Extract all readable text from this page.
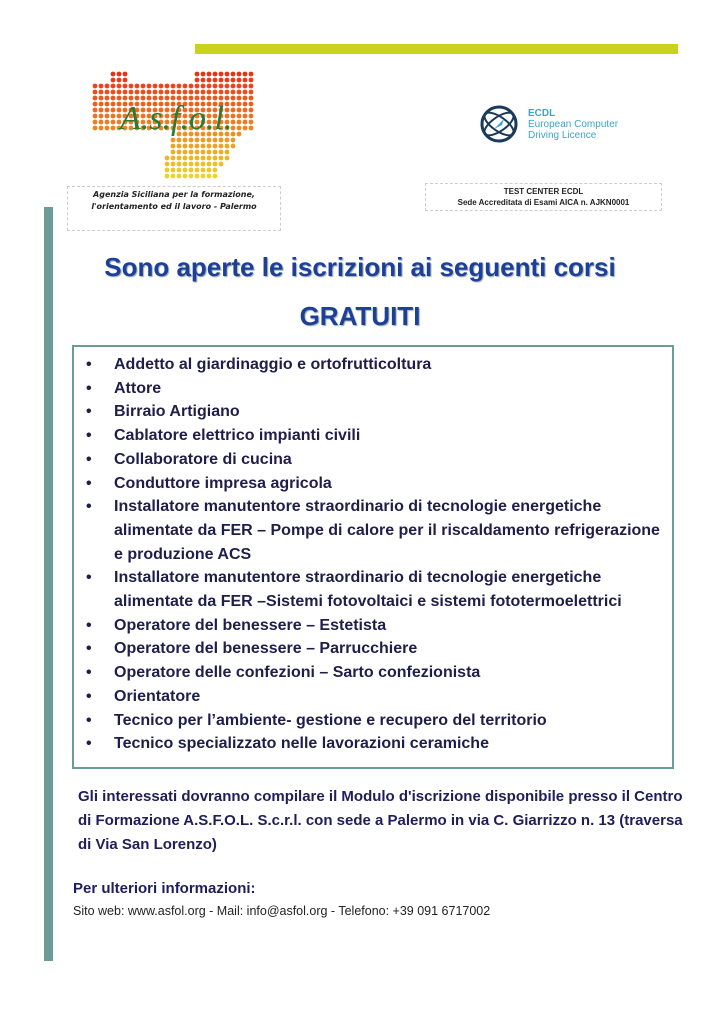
A.s.f.o.l.
Agenzia Siciliana per la formazione,
l'orientamento ed il lavoro - Palermo
ECDL
European Computer
Driving Licence
TEST CENTER ECDL
Sede Accreditata di Esami AICA n. AJKN0001
Sono aperte le iscrizioni ai seguenti corsi
GRATUITI
• Addetto al giardinaggio e ortofrutticoltura
• Attore
• Birraio Artigiano
• Cablatore elettrico impianti civili
• Collaboratore di cucina
• Conduttore impresa agricola
• Installatore manutentore straordinario di tecnologie energetiche alimentate da FER – Pompe di calore per il riscaldamento refrigerazione e produzione ACS
• Installatore manutentore straordinario di tecnologie energetiche alimentate da FER –Sistemi fotovoltaici e sistemi fototermoelettrici
• Operatore del benessere – Estetista
• Operatore del benessere – Parrucchiere
• Operatore delle confezioni – Sarto confezionista
• Orientatore
• Tecnico per l’ambiente- gestione e recupero del territorio
• Tecnico specializzato nelle lavorazioni ceramiche
Gli interessati dovranno compilare il Modulo d'iscrizione disponibile presso il Centro di Formazione A.S.F.O.L. S.c.r.l. con sede a Palermo in via C. Giarrizzo n. 13 (traversa di Via San Lorenzo)
Per ulteriori informazioni:
Sito web: www.asfol.org - Mail: info@asfol.org - Telefono: +39 091 6717002
